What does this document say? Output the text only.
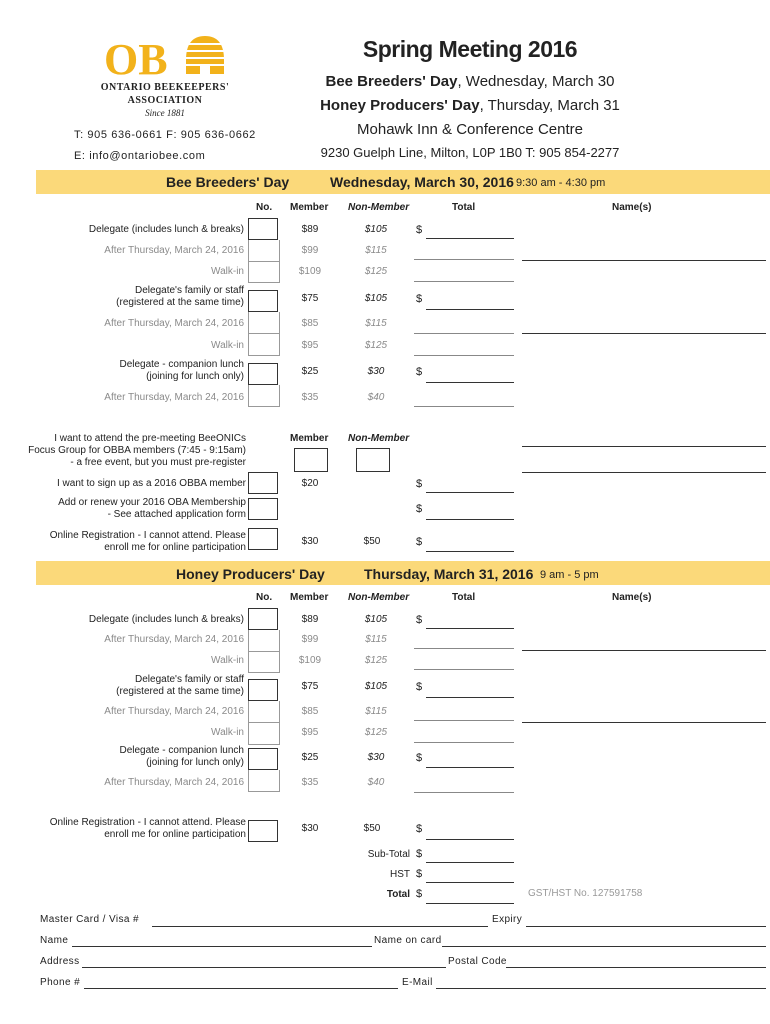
OB
ONTARIO BEEKEEPERS'
ASSOCIATION
Since 1881
T: 905 636-0661 F: 905 636-0662
E: info@ontariobee.com
Spring Meeting 2016
Bee Breeders' Day, Wednesday, March 30
Honey Producers' Day, Thursday, March 31
Mohawk Inn & Conference Centre
9230 Guelph Line, Milton, L0P 1B0 T: 905 854-2277
Bee Breeders' Day	Wednesday, March 30, 2016 9:30 am - 4:30 pm
No. Member Non-Member	Total	Name(s)
Delegate (includes lunch & breaks)	$89	$105	$
After Thursday, March 24, 2016	$99	$115
Walk-in	$109	$125
Delegate's family or staff
(registered at the same time)	$75	$105	$
After Thursday, March 24, 2016	$85	$115
Walk-in	$95	$125
Delegate - companion lunch
(joining for lunch only)	$25	$30	$
After Thursday, March 24, 2016	$35	$40
Member Non-Member
I want to attend the pre-meeting BeeONICs
Focus Group for OBBA members (7:45 - 9:15am)
- a free event, but you must pre-register
I want to sign up as a 2016 OBBA member	$20	$
Add or renew your 2016 OBA Membership
- See attached application form	$
Online Registration - I cannot attend. Please
enroll me for online participation
$30	$50	$
Honey Producers' Day	Thursday, March 31, 2016 9 am - 5 pm
No. Member Non-Member	Total	Name(s)
Delegate (includes lunch & breaks)	$89	$105	$
After Thursday, March 24, 2016	$99	$115
Walk-in	$109	$125
Delegate's family or staff
(registered at the same time)	$75	$105	$
After Thursday, March 24, 2016	$85	$115
Walk-in	$95	$125
Delegate - companion lunch
(joining for lunch only)	$25	$30	$
After Thursday, March 24, 2016	$35	$40
Online Registration - I cannot attend. Please
enroll me for online participation
$30	$50	$
Sub-Total $
HST $
Total $	GST/HST No. 127591758
Master Card / Visa #	Expiry
Name	Name on card
Address	Postal Code
Phone #	E-Mail
